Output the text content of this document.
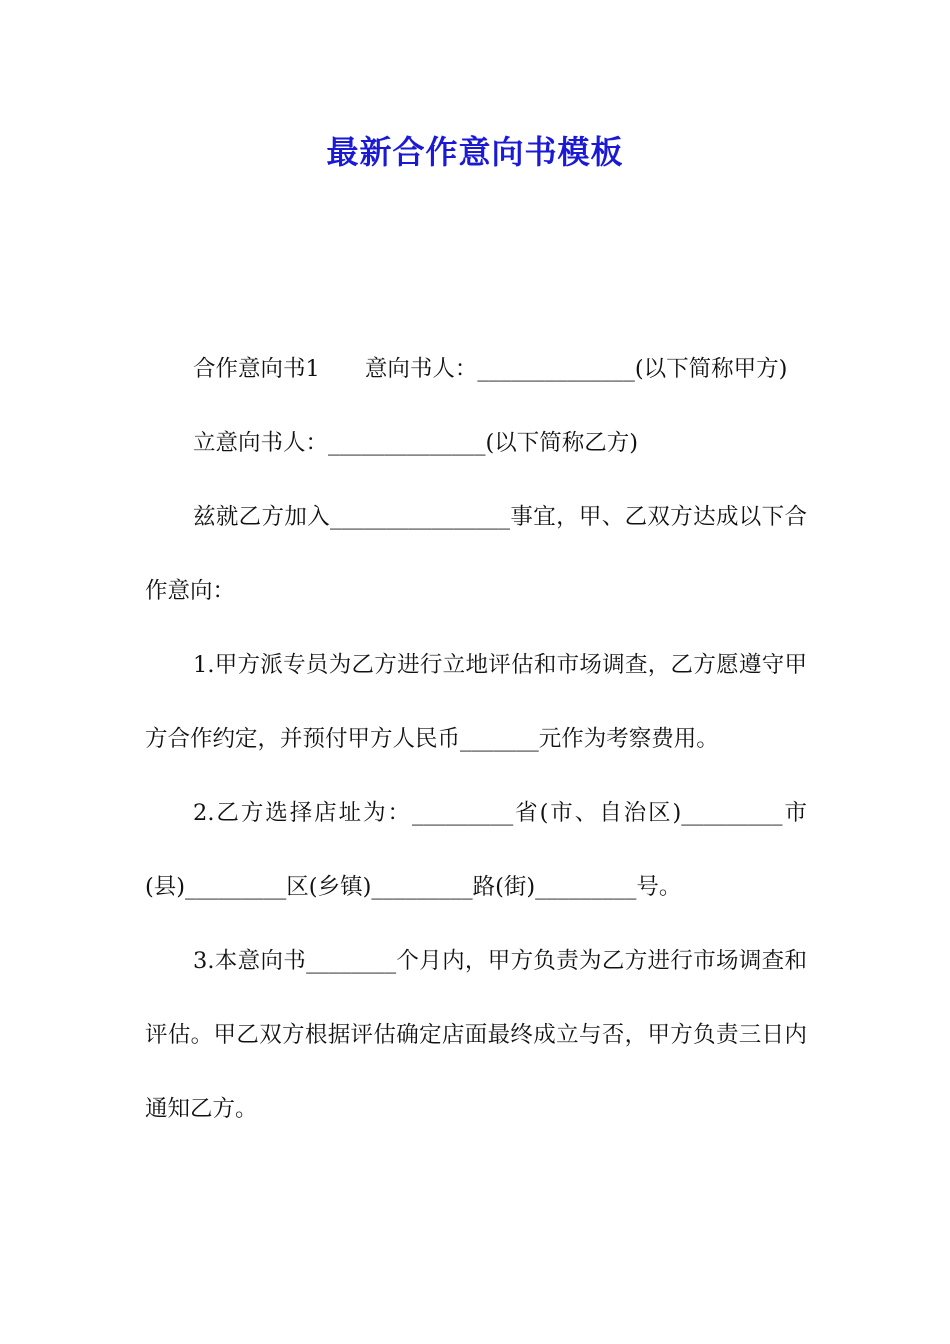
最新合作意向书模板

合作意向书1　　意向书人：______________(以下简称甲方)

立意向书人：______________(以下简称乙方)

兹就乙方加入________________事宜，甲、乙双方达成以下合作意向：

1.甲方派专员为乙方进行立地评估和市场调查，乙方愿遵守甲方合作约定，并预付甲方人民币_______元作为考察费用。

2.乙方选择店址为：_________省(市、自治区)_________市(县)_________区(乡镇)_________路(街)_________号。

3.本意向书________个月内，甲方负责为乙方进行市场调查和评估。甲乙双方根据评估确定店面最终成立与否，甲方负责三日内通知乙方。
